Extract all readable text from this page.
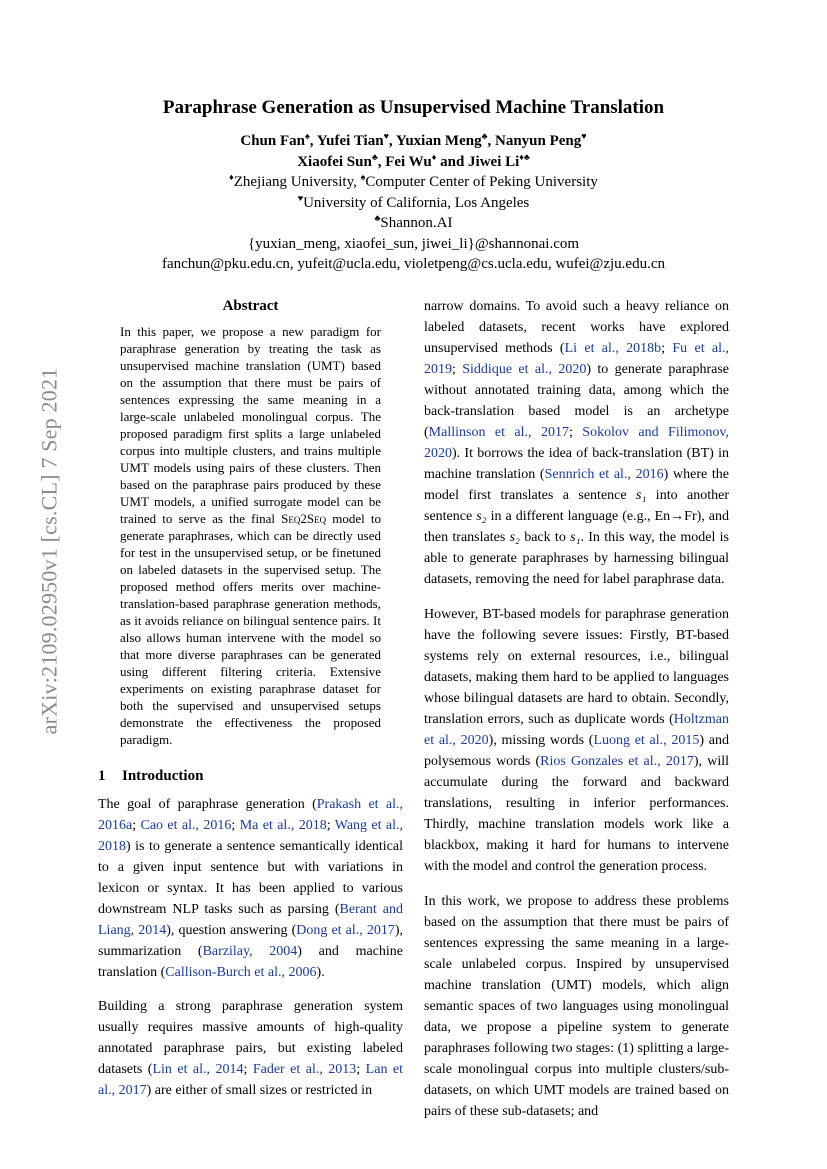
arXiv:2109.02950v1 [cs.CL] 7 Sep 2021
Paraphrase Generation as Unsupervised Machine Translation
Chun Fan♠, Yufei Tian♥, Yuxian Meng♣, Nanyun Peng♥
Xiaofei Sun♣, Fei Wu♦ and Jiwei Li♦♣
♦Zhejiang University, ♠Computer Center of Peking University
♥University of California, Los Angeles
♣Shannon.AI
{yuxian_meng, xiaofei_sun, jiwei_li}@shannonai.com
fanchun@pku.edu.cn, yufeit@ucla.edu, violetpeng@cs.ucla.edu, wufei@zju.edu.cn
Abstract
In this paper, we propose a new paradigm for paraphrase generation by treating the task as unsupervised machine translation (UMT) based on the assumption that there must be pairs of sentences expressing the same meaning in a large-scale unlabeled monolingual corpus. The proposed paradigm first splits a large unlabeled corpus into multiple clusters, and trains multiple UMT models using pairs of these clusters. Then based on the paraphrase pairs produced by these UMT models, a unified surrogate model can be trained to serve as the final Seq2Seq model to generate paraphrases, which can be directly used for test in the unsupervised setup, or be finetuned on labeled datasets in the supervised setup. The proposed method offers merits over machine-translation-based paraphrase generation methods, as it avoids reliance on bilingual sentence pairs. It also allows human intervene with the model so that more diverse paraphrases can be generated using different filtering criteria. Extensive experiments on existing paraphrase dataset for both the supervised and unsupervised setups demonstrate the effectiveness the proposed paradigm.
1 Introduction

The goal of paraphrase generation (Prakash et al., 2016a; Cao et al., 2016; Ma et al., 2018; Wang et al., 2018) is to generate a sentence semantically identical to a given input sentence but with variations in lexicon or syntax. It has been applied to various downstream NLP tasks such as parsing (Berant and Liang, 2014), question answering (Dong et al., 2017), summarization (Barzilay, 2004) and machine translation (Callison-Burch et al., 2006).

Building a strong paraphrase generation system usually requires massive amounts of high-quality annotated paraphrase pairs, but existing labeled datasets (Lin et al., 2014; Fader et al., 2013; Lan et al., 2017) are either of small sizes or restricted in

narrow domains. To avoid such a heavy reliance on labeled datasets, recent works have explored unsupervised methods (Li et al., 2018b; Fu et al., 2019; Siddique et al., 2020) to generate paraphrase without annotated training data, among which the back-translation based model is an archetype (Mallinson et al., 2017; Sokolov and Filimonov, 2020). It borrows the idea of back-translation (BT) in machine translation (Sennrich et al., 2016) where the model first translates a sentence s₁ into another sentence s₂ in a different language (e.g., En→Fr), and then translates s₂ back to s₁. In this way, the model is able to generate paraphrases by harnessing bilingual datasets, removing the need for label paraphrase data.

However, BT-based models for paraphrase generation have the following severe issues: Firstly, BT-based systems rely on external resources, i.e., bilingual datasets, making them hard to be applied to languages whose bilingual datasets are hard to obtain. Secondly, translation errors, such as duplicate words (Holtzman et al., 2020), missing words (Luong et al., 2015) and polysemous words (Rios Gonzales et al., 2017), will accumulate during the forward and backward translations, resulting in inferior performances. Thirdly, machine translation models work like a blackbox, making it hard for humans to intervene with the model and control the generation process.

In this work, we propose to address these problems based on the assumption that there must be pairs of sentences expressing the same meaning in a large-scale unlabeled corpus. Inspired by unsupervised machine translation (UMT) models, which align semantic spaces of two languages using monolingual data, we propose a pipeline system to generate paraphrases following two stages: (1) splitting a large-scale monolingual corpus into multiple clusters/sub-datasets, on which UMT models are trained based on pairs of these sub-datasets; and
